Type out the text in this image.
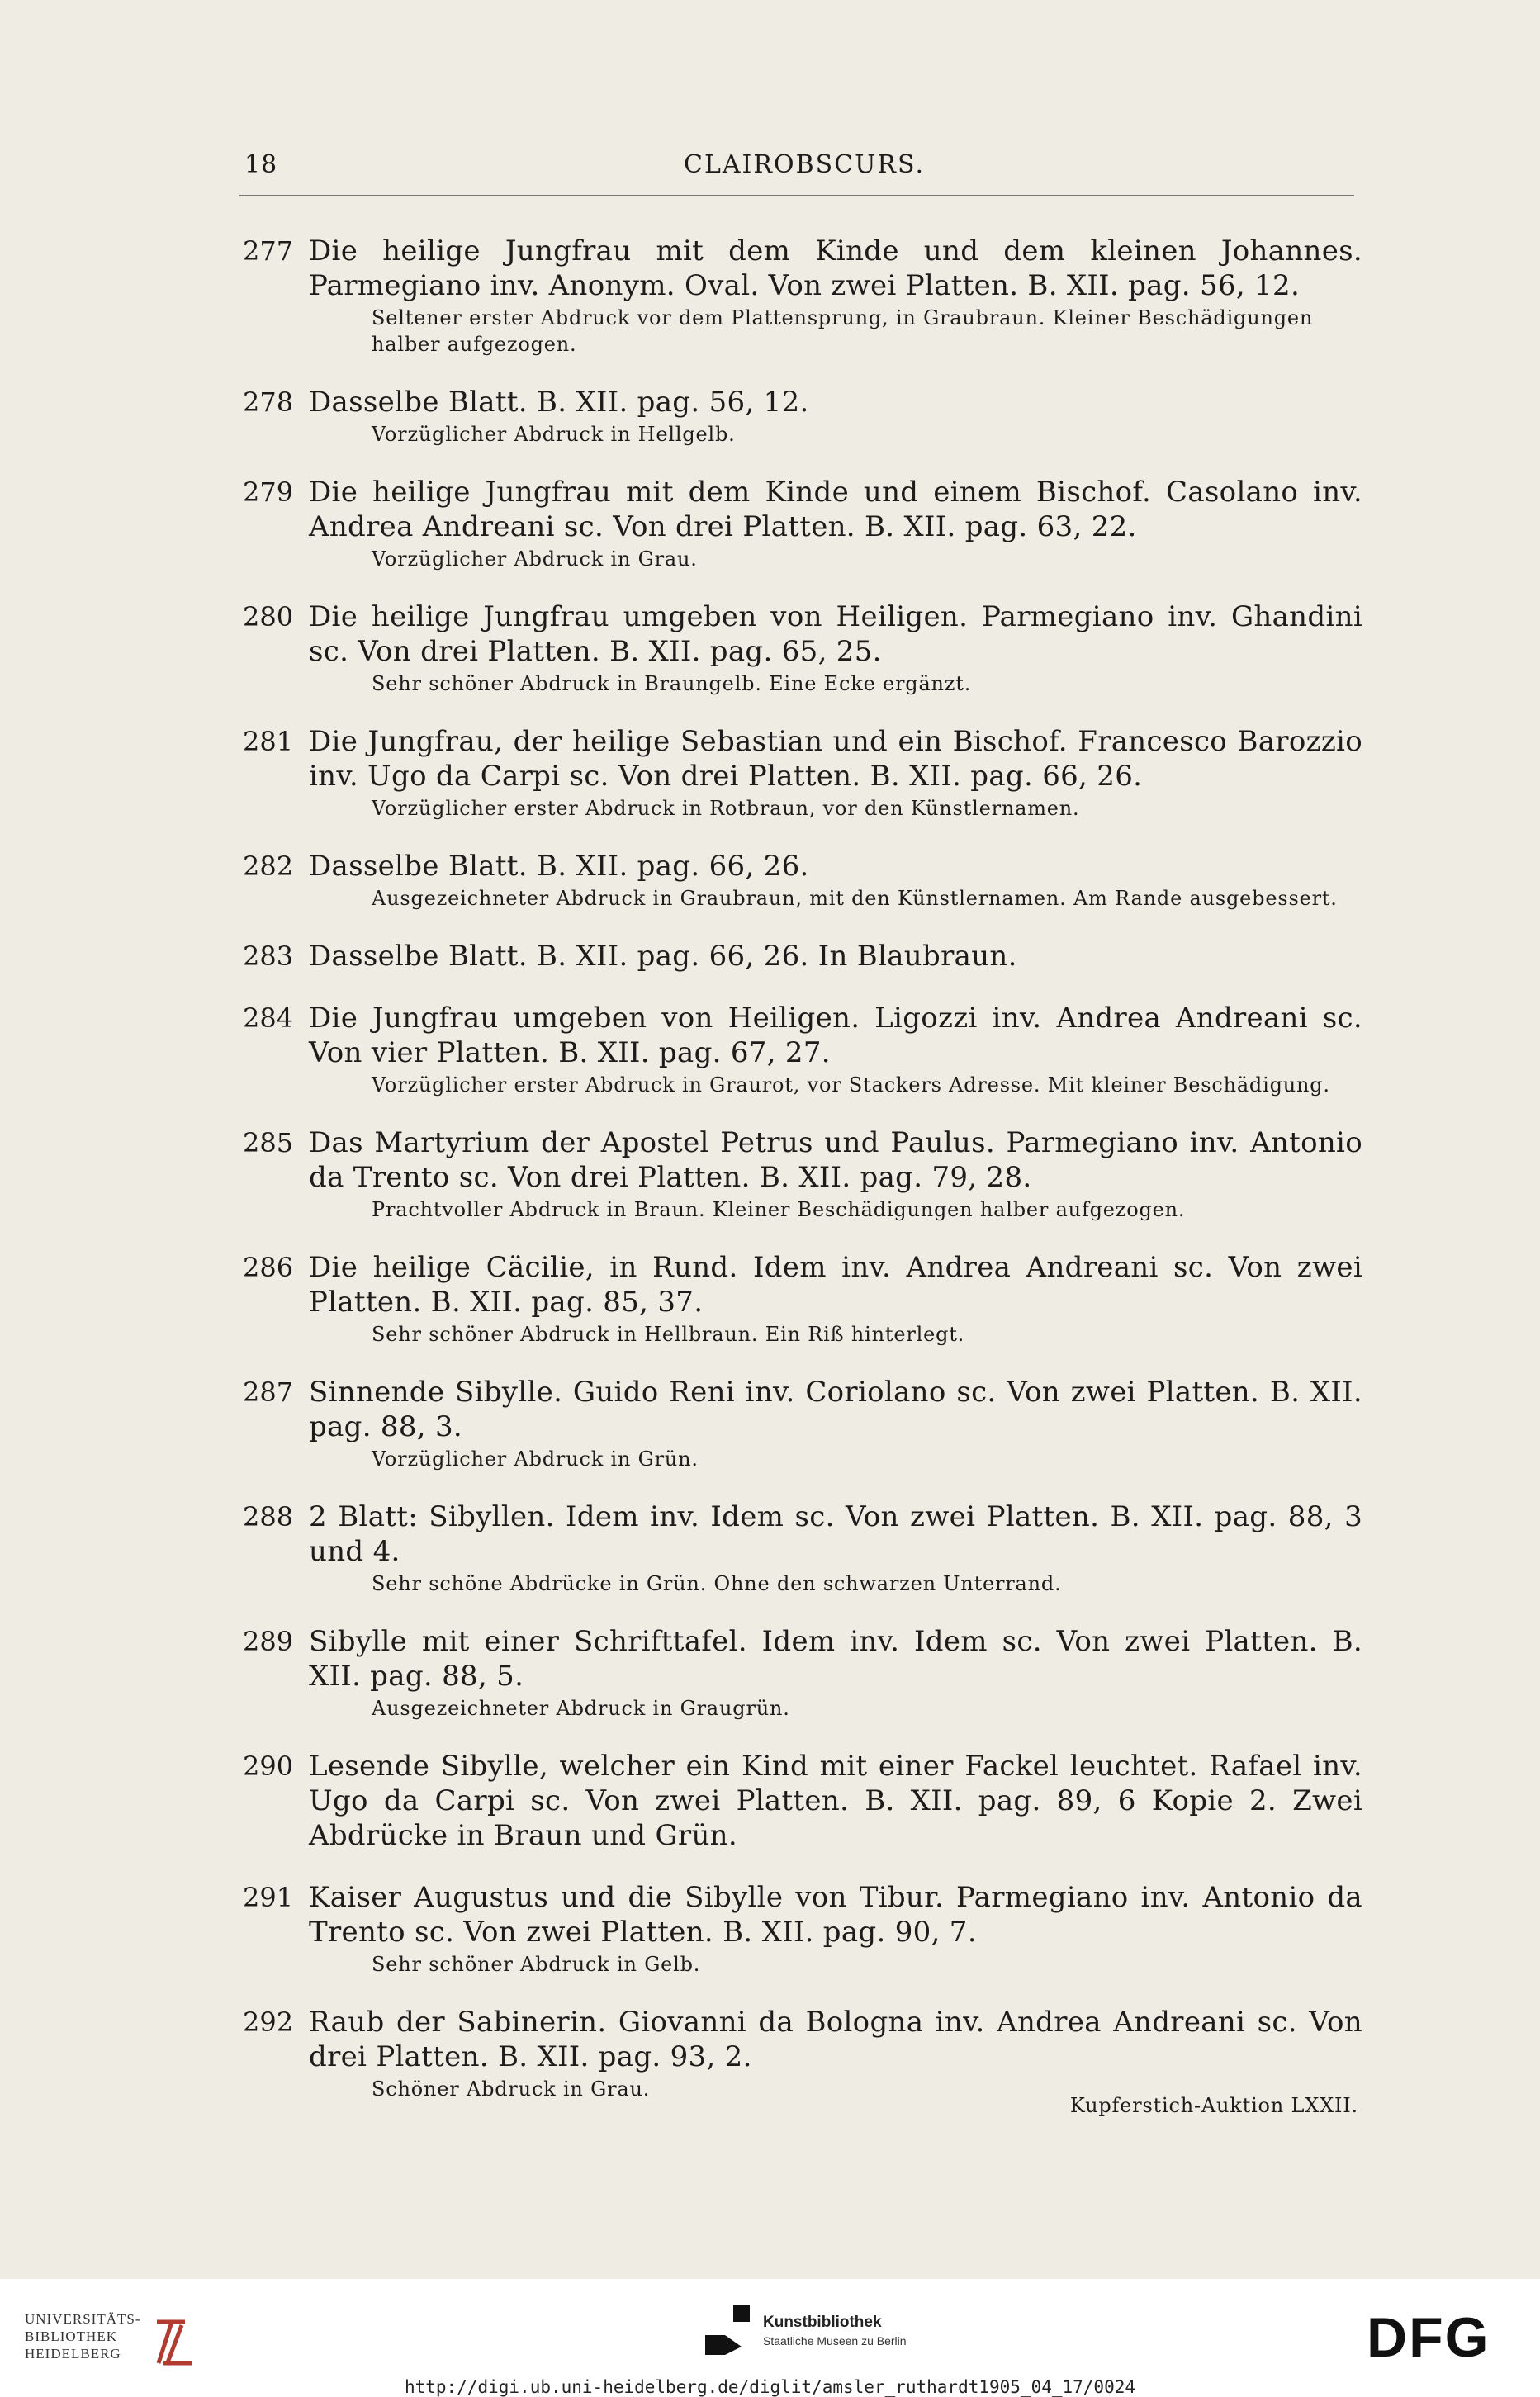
18	CLAIROBSCURS.
277 Die heilige Jungfrau mit dem Kinde und dem kleinen Johannes. Parmegiano inv. Anonym. Oval. Von zwei Platten. B. XII. pag. 56, 12.
Seltener erster Abdruck vor dem Plattensprung, in Graubraun. Kleiner Beschädigungen halber aufgezogen.
278 Dasselbe Blatt. B. XII. pag. 56, 12.
Vorzüglicher Abdruck in Hellgelb.
279 Die heilige Jungfrau mit dem Kinde und einem Bischof. Casolano inv. Andrea Andreani sc. Von drei Platten. B. XII. pag. 63, 22.
Vorzüglicher Abdruck in Grau.
280 Die heilige Jungfrau umgeben von Heiligen. Parmegiano inv. Ghandini sc. Von drei Platten. B. XII. pag. 65, 25.
Sehr schöner Abdruck in Braungelb. Eine Ecke ergänzt.
281 Die Jungfrau, der heilige Sebastian und ein Bischof. Francesco Barozzio inv. Ugo da Carpi sc. Von drei Platten. B. XII. pag. 66, 26.
Vorzüglicher erster Abdruck in Rotbraun, vor den Künstlernamen.
282 Dasselbe Blatt. B. XII. pag. 66, 26.
Ausgezeichneter Abdruck in Graubraun, mit den Künstlernamen. Am Rande ausgebessert.
283 Dasselbe Blatt. B. XII. pag. 66, 26. In Blaubraun.
284 Die Jungfrau umgeben von Heiligen. Ligozzi inv. Andrea Andreani sc. Von vier Platten. B. XII. pag. 67, 27.
Vorzüglicher erster Abdruck in Graurot, vor Stackers Adresse. Mit kleiner Beschädigung.
285 Das Martyrium der Apostel Petrus und Paulus. Parmegiano inv. Antonio da Trento sc. Von drei Platten. B. XII. pag. 79, 28.
Prachtvoller Abdruck in Braun. Kleiner Beschädigungen halber aufgezogen.
286 Die heilige Cäcilie, in Rund. Idem inv. Andrea Andreani sc. Von zwei Platten. B. XII. pag. 85, 37.
Sehr schöner Abdruck in Hellbraun. Ein Riß hinterlegt.
287 Sinnende Sibylle. Guido Reni inv. Coriolano sc. Von zwei Platten. B. XII. pag. 88, 3.
Vorzüglicher Abdruck in Grün.
288 2 Blatt: Sibyllen. Idem inv. Idem sc. Von zwei Platten. B. XII. pag. 88, 3 und 4.
Sehr schöne Abdrücke in Grün. Ohne den schwarzen Unterrand.
289 Sibylle mit einer Schrifttafel. Idem inv. Idem sc. Von zwei Platten. B. XII. pag. 88, 5.
Ausgezeichneter Abdruck in Graugrün.
290 Lesende Sibylle, welcher ein Kind mit einer Fackel leuchtet. Rafael inv. Ugo da Carpi sc. Von zwei Platten. B. XII. pag. 89, 6 Kopie 2. Zwei Abdrücke in Braun und Grün.
291 Kaiser Augustus und die Sibylle von Tibur. Parmegiano inv. Antonio da Trento sc. Von zwei Platten. B. XII. pag. 90, 7.
Sehr schöner Abdruck in Gelb.
292 Raub der Sabinerin. Giovanni da Bologna inv. Andrea Andreani sc. Von drei Platten. B. XII. pag. 93, 2.
Schöner Abdruck in Grau.
Kupferstich-Auktion LXXII.
UNIVERSITÄTS-
BIBLIOTHEK
HEIDELBERG
Kunstbibliothek
Staatliche Museen zu Berlin	DFG
http://digi.ub.uni-heidelberg.de/diglit/amsler_ruthardt1905_04_17/0024
